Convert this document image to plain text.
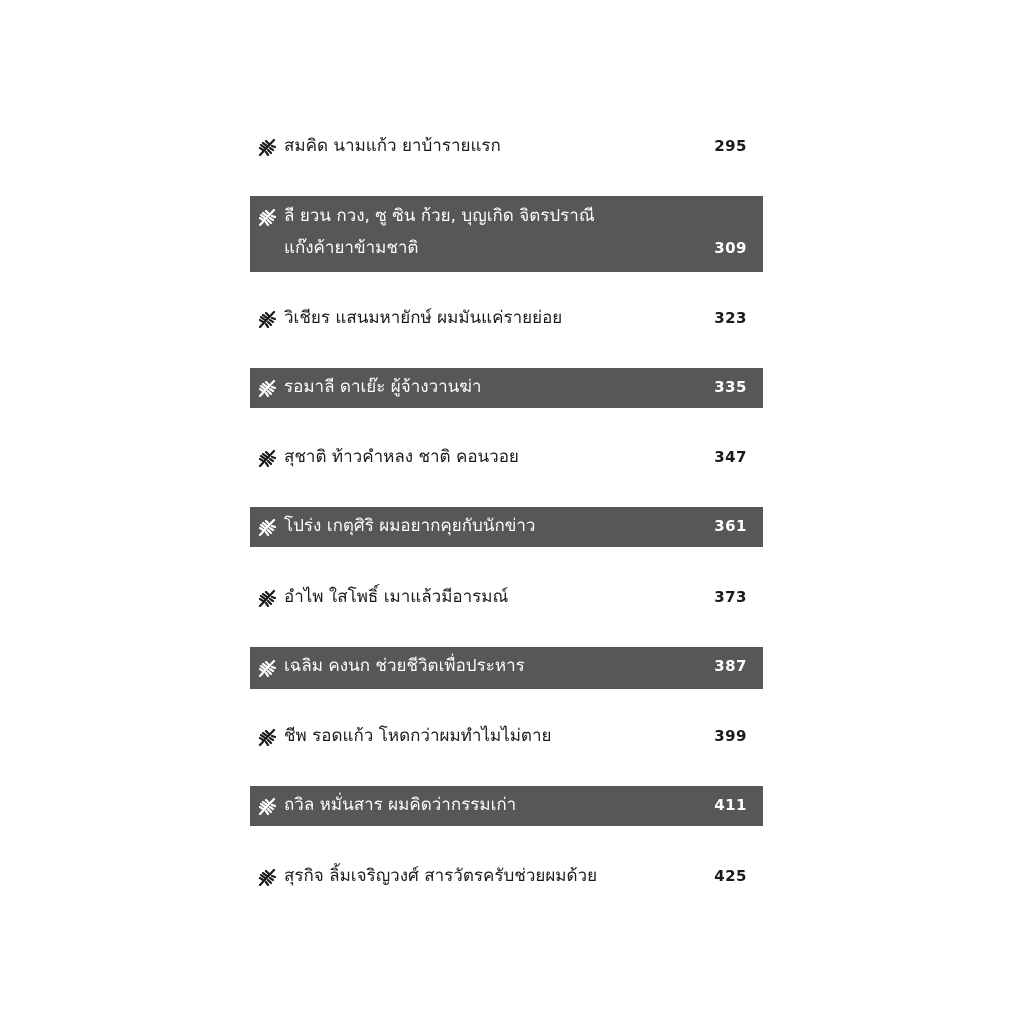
สมคิด นามแก้ว ยาบ้ารายแรก	295
ลี ยวน กวง, ซู ซิน ก้วย, บุญเกิด จิตรปราณี
แก๊งค้ายาข้ามชาติ	309
วิเชียร แสนมหายักษ์ ผมมันแค่รายย่อย	323
รอมาลี ดาเย๊ะ ผู้จ้างวานฆ่า	335
สุชาติ ท้าวคำหลง ชาติ คอนวอย	347
โปร่ง เกตุศิริ ผมอยากคุยกับนักข่าว	361
อำไพ ใสโพธิ์ เมาแล้วมีอารมณ์	373
เฉลิม คงนก ช่วยชีวิตเพื่อประหาร	387
ชีพ รอดแก้ว โหดกว่าผมทำไมไม่ตาย	399
ถวิล หมั่นสาร ผมคิดว่ากรรมเก่า	411
สุรกิจ ลิ้มเจริญวงศ์ สารวัตรครับช่วยผมด้วย	425
